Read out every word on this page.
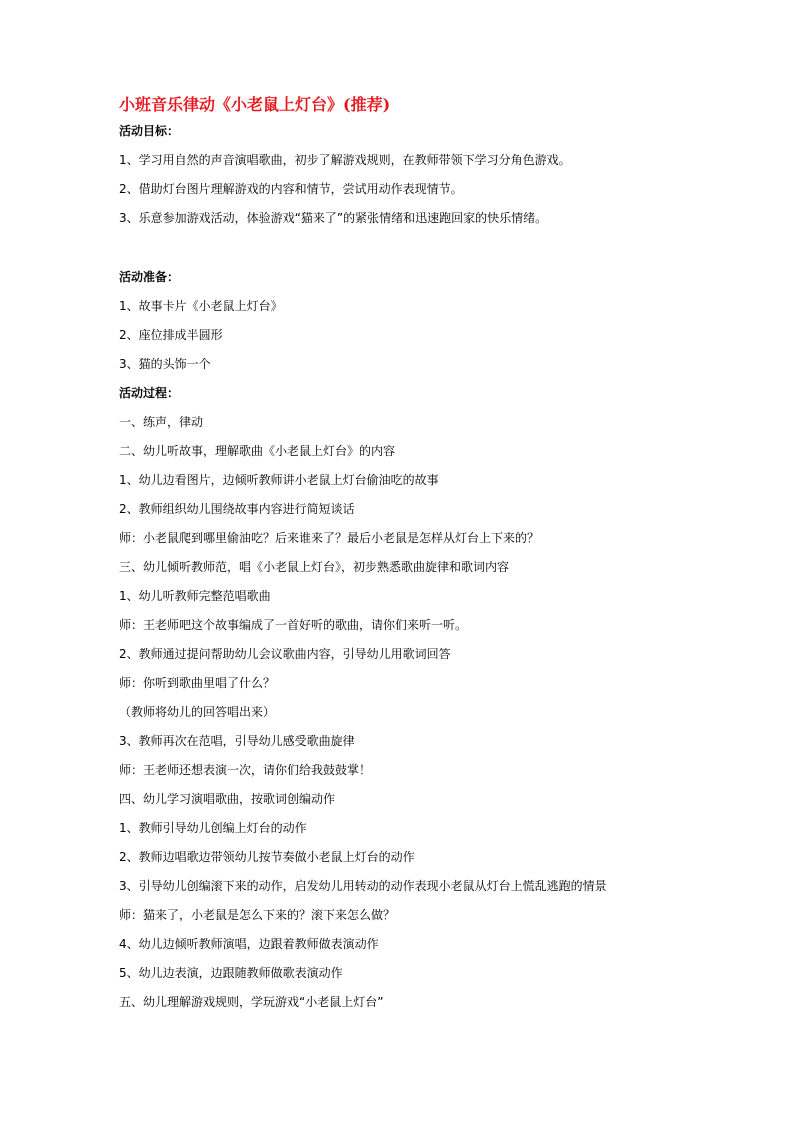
小班音乐律动《小老鼠上灯台》(推荐)
活动目标：
1、学习用自然的声音演唱歌曲，初步了解游戏规则，在教师带领下学习分角色游戏。
2、借助灯台图片理解游戏的内容和情节，尝试用动作表现情节。
3、乐意参加游戏活动，体验游戏“猫来了”的紧张情绪和迅速跑回家的快乐情绪。
活动准备：
1、故事卡片《小老鼠上灯台》
2、座位排成半圆形
3、猫的头饰一个
活动过程：
一、练声，律动
二、幼儿听故事，理解歌曲《小老鼠上灯台》的内容
1、幼儿边看图片，边倾听教师讲小老鼠上灯台偷油吃的故事
2、教师组织幼儿围绕故事内容进行简短谈话
师：小老鼠爬到哪里偷油吃？后来谁来了？最后小老鼠是怎样从灯台上下来的？
三、幼儿倾听教师范，唱《小老鼠上灯台》，初步熟悉歌曲旋律和歌词内容
1、幼儿听教师完整范唱歌曲
师：王老师吧这个故事编成了一首好听的歌曲，请你们来听一听。
2、教师通过提问帮助幼儿会议歌曲内容，引导幼儿用歌词回答
师：你听到歌曲里唱了什么？
（教师将幼儿的回答唱出来）
3、教师再次在范唱，引导幼儿感受歌曲旋律
师：王老师还想表演一次，请你们给我鼓鼓掌！
四、幼儿学习演唱歌曲，按歌词创编动作
1、教师引导幼儿创编上灯台的动作
2、教师边唱歌边带领幼儿按节奏做小老鼠上灯台的动作
3、引导幼儿创编滚下来的动作，启发幼儿用转动的动作表现小老鼠从灯台上慌乱逃跑的情景
师：猫来了，小老鼠是怎么下来的？滚下来怎么做？
4、幼儿边倾听教师演唱，边跟着教师做表演动作
5、幼儿边表演，边跟随教师做歌表演动作
五、幼儿理解游戏规则，学玩游戏“小老鼠上灯台”
